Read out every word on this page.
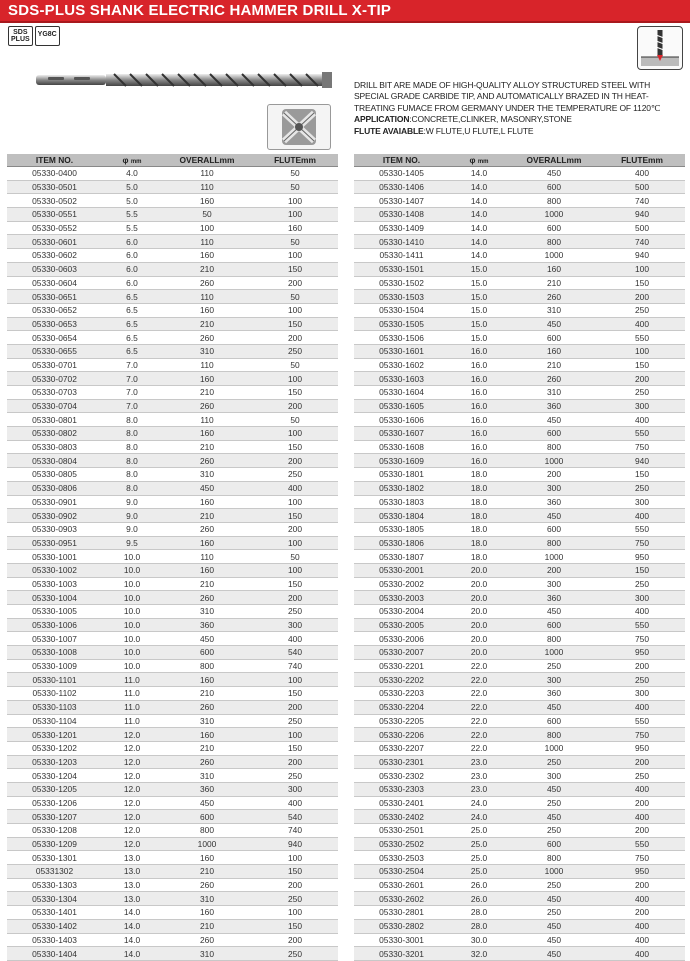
SDS-PLUS SHANK ELECTRIC HAMMER DRILL X-TIP
SDS
PLUS
YG8C

DRILL BIT ARE MADE OF HIGH-QUALITY ALLOY STRUCTURED STEEL WITH SPECIAL GRADE CARBIDE TIP, AND AUTOMATICALLY BRAZED IN TH HEAT-TREATING FUMACE FROM GERMANY UNDER THE TEMPERATURE OF 1120℃

APPLICATION:CONCRETE,CLINKER, MASONRY,STONE

FLUTE AVAIABLE:W FLUTE,U FLUTE,L FLUTE

ITEM NO.	φ mm	OVERALLmm	FLUTEmm
05330-0400	4.0	110	50
05330-0501	5.0	110	50
05330-0502	5.0	160	100
05330-0551	5.5	50	100
05330-0552	5.5	100	160
05330-0601	6.0	110	50
05330-0602	6.0	160	100
05330-0603	6.0	210	150
05330-0604	6.0	260	200
05330-0651	6.5	110	50
05330-0652	6.5	160	100
05330-0653	6.5	210	150
05330-0654	6.5	260	200
05330-0655	6.5	310	250
05330-0701	7.0	110	50
05330-0702	7.0	160	100
05330-0703	7.0	210	150
05330-0704	7.0	260	200
05330-0801	8.0	110	50
05330-0802	8.0	160	100
05330-0803	8.0	210	150
05330-0804	8.0	260	200
05330-0805	8.0	310	250
05330-0806	8.0	450	400
05330-0901	9.0	160	100
05330-0902	9.0	210	150
05330-0903	9.0	260	200
05330-0951	9.5	160	100
05330-1001	10.0	110	50
05330-1002	10.0	160	100
05330-1003	10.0	210	150
05330-1004	10.0	260	200
05330-1005	10.0	310	250
05330-1006	10.0	360	300
05330-1007	10.0	450	400
05330-1008	10.0	600	540
05330-1009	10.0	800	740
05330-1101	11.0	160	100
05330-1102	11.0	210	150
05330-1103	11.0	260	200
05330-1104	11.0	310	250
05330-1201	12.0	160	100
05330-1202	12.0	210	150
05330-1203	12.0	260	200
05330-1204	12.0	310	250
05330-1205	12.0	360	300
05330-1206	12.0	450	400
05330-1207	12.0	600	540
05330-1208	12.0	800	740
05330-1209	12.0	1000	940
05330-1301	13.0	160	100
05331302	13.0	210	150
05330-1303	13.0	260	200
05330-1304	13.0	310	250
05330-1401	14.0	160	100
05330-1402	14.0	210	150
05330-1403	14.0	260	200
05330-1404	14.0	310	250
ITEM NO.	φ mm	OVERALLmm	FLUTEmm
05330-1405	14.0	450	400
05330-1406	14.0	600	500
05330-1407	14.0	800	740
05330-1408	14.0	1000	940
05330-1409	14.0	600	500
05330-1410	14.0	800	740
05330-1411	14.0	1000	940
05330-1501	15.0	160	100
05330-1502	15.0	210	150
05330-1503	15.0	260	200
05330-1504	15.0	310	250
05330-1505	15.0	450	400
05330-1506	15.0	600	550
05330-1601	16.0	160	100
05330-1602	16.0	210	150
05330-1603	16.0	260	200
05330-1604	16.0	310	250
05330-1605	16.0	360	300
05330-1606	16.0	450	400
05330-1607	16.0	600	550
05330-1608	16.0	800	750
05330-1609	16.0	1000	940
05330-1801	18.0	200	150
05330-1802	18.0	300	250
05330-1803	18.0	360	300
05330-1804	18.0	450	400
05330-1805	18.0	600	550
05330-1806	18.0	800	750
05330-1807	18.0	1000	950
05330-2001	20.0	200	150
05330-2002	20.0	300	250
05330-2003	20.0	360	300
05330-2004	20.0	450	400
05330-2005	20.0	600	550
05330-2006	20.0	800	750
05330-2007	20.0	1000	950
05330-2201	22.0	250	200
05330-2202	22.0	300	250
05330-2203	22.0	360	300
05330-2204	22.0	450	400
05330-2205	22.0	600	550
05330-2206	22.0	800	750
05330-2207	22.0	1000	950
05330-2301	23.0	250	200
05330-2302	23.0	300	250
05330-2303	23.0	450	400
05330-2401	24.0	250	200
05330-2402	24.0	450	400
05330-2501	25.0	250	200
05330-2502	25.0	600	550
05330-2503	25.0	800	750
05330-2504	25.0	1000	950
05330-2601	26.0	250	200
05330-2602	26.0	450	400
05330-2801	28.0	250	200
05330-2802	28.0	450	400
05330-3001	30.0	450	400
05330-3201	32.0	450	400
